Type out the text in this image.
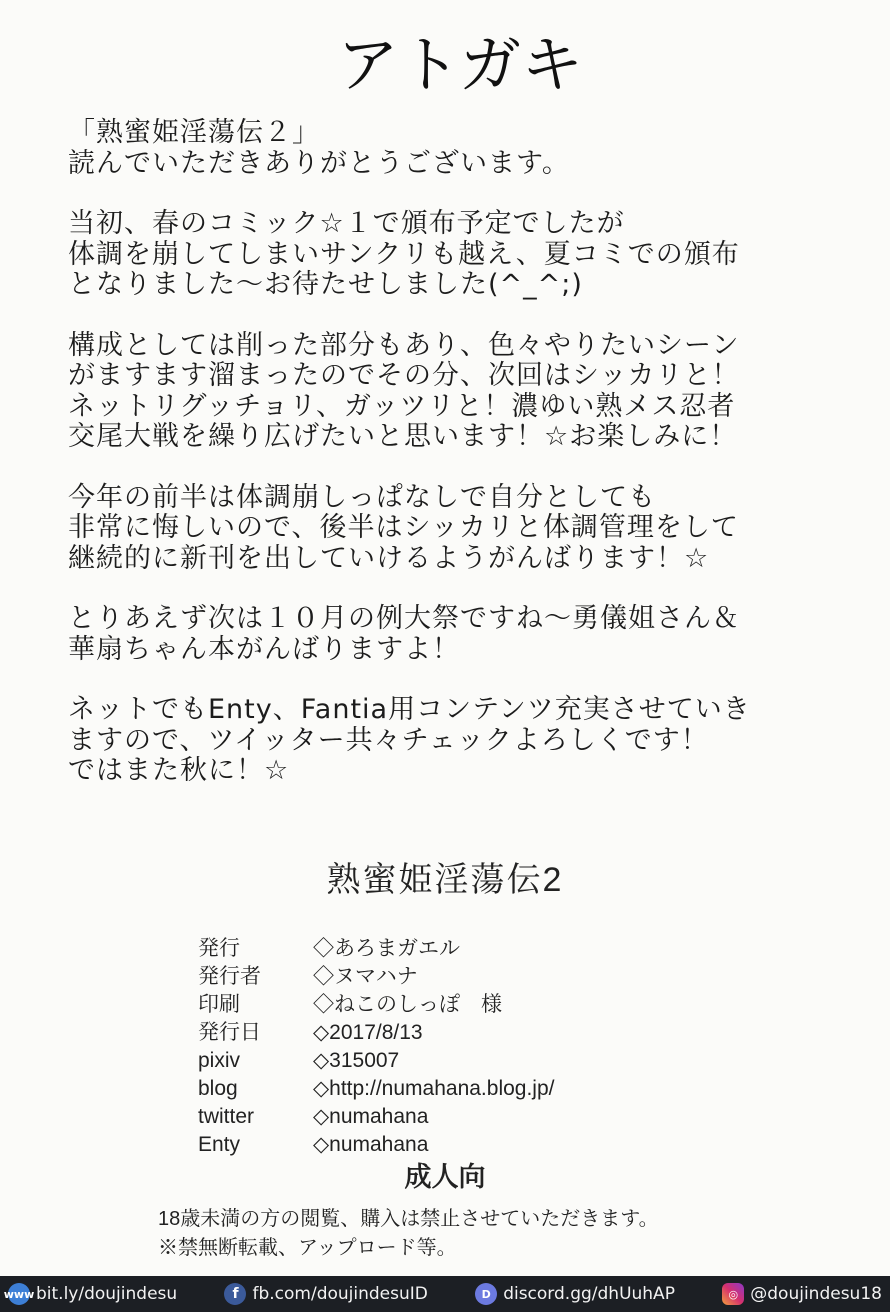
アトガキ
「熟蜜姫淫蕩伝２」
読んでいただきありがとうございます。
当初、春のコミック☆１で頒布予定でしたが
体調を崩してしまいサンクリも越え、夏コミでの頒布
となりました～お待たせしました(^_^;)
構成としては削った部分もあり、色々やりたいシーン
がますます溜まったのでその分、次回はシッカリと！
ネットリグッチョリ、ガッツリと！濃ゆい熟メス忍者
交尾大戦を繰り広げたいと思います！☆お楽しみに！
今年の前半は体調崩しっぱなしで自分としても
非常に悔しいので、後半はシッカリと体調管理をして
継続的に新刊を出していけるようがんばります！☆
とりあえず次は１０月の例大祭ですね～勇儀姐さん＆
華扇ちゃん本がんばりますよ！
ネットでもEnty、Fantia用コンテンツ充実させていき
ますので、ツイッター共々チェックよろしくです！
ではまた秋に！☆
熟蜜姫淫蕩伝2
発行	◇あろまガエル
発行者	◇ヌマハナ
印刷	◇ねこのしっぽ　様
発行日	◇2017/8/13
pixiv	◇315007
blog	◇http://numahana.blog.jp/
twitter	◇numahana
Enty	◇numahana
成人向
18歳未満の方の閲覧、購入は禁止させていただきます。
※禁無断転載、アップロード等。
www bit.ly/doujindesu	f fb.com/doujindesuID	D discord.gg/dhUuhAP	◎ @doujindesu18
